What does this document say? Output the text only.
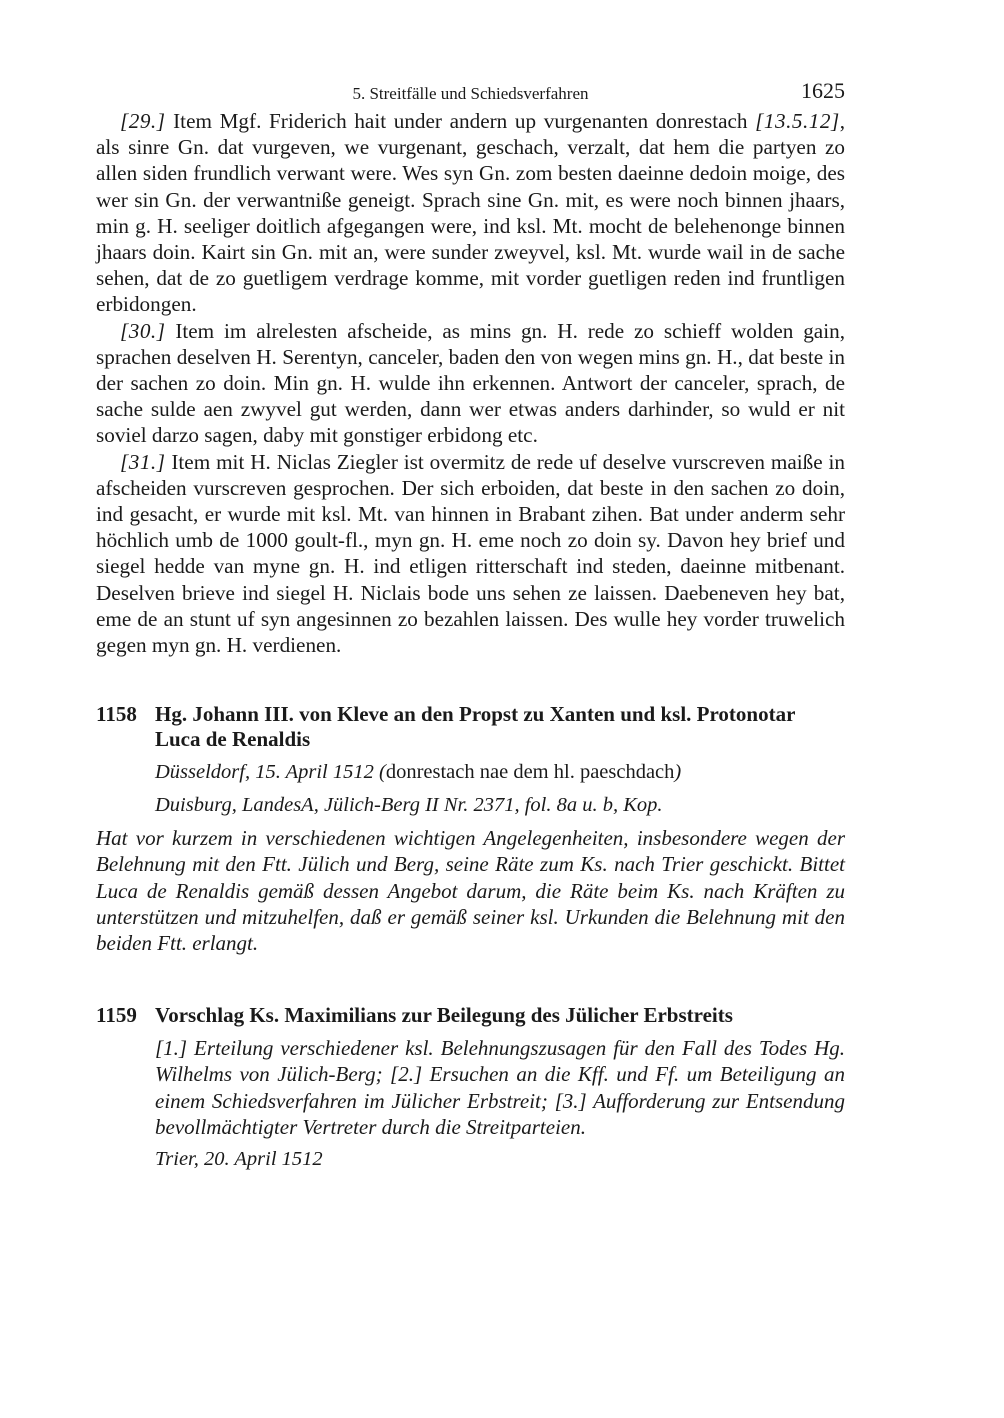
5. Streitfälle und Schiedsverfahren	1625

[29.] Item Mgf. Friderich hait under andern up vurgenanten donrestach [13.5.12], als sinre Gn. dat vurgeven, we vurgenant, geschach, verzalt, dat hem die partyen zo allen siden frundlich verwant were. Wes syn Gn. zom besten daeinne dedoin moige, des wer sin Gn. der verwantniße geneigt. Sprach sine Gn. mit, es were noch binnen jhaars, min g. H. seeliger doitlich afgegangen were, ind ksl. Mt. mocht de belehenonge binnen jhaars doin. Kairt sin Gn. mit an, were sunder zweyvel, ksl. Mt. wurde wail in de sache sehen, dat de zo guetligem verdrage komme, mit vorder guetligen reden ind fruntligen erbidongen.

[30.] Item im alrelesten afscheide, as mins gn. H. rede zo schieff wolden gain, sprachen deselven H. Serentyn, canceler, baden den von wegen mins gn. H., dat beste in der sachen zo doin. Min gn. H. wulde ihn erkennen. Antwort der canceler, sprach, de sache sulde aen zwyvel gut werden, dann wer etwas anders darhinder, so wuld er nit soviel darzo sagen, daby mit gonstiger erbidong etc.

[31.] Item mit H. Niclas Ziegler ist overmitz de rede uf deselve vurscreven maiße in afscheiden vurscreven gesprochen. Der sich erboiden, dat beste in den sachen zo doin, ind gesacht, er wurde mit ksl. Mt. van hinnen in Brabant zihen. Bat under anderm sehr höchlich umb de 1000 goult-fl., myn gn. H. eme noch zo doin sy. Davon hey brief und siegel hedde van myne gn. H. ind etligen ritterschaft ind steden, daeinne mitbenant. Deselven brieve ind siegel H. Niclais bode uns sehen ze laissen. Daebeneven hey bat, eme de an stunt uf syn angesinnen zo bezahlen laissen. Des wulle hey vorder truwelich gegen myn gn. H. verdienen.

1158 Hg. Johann III. von Kleve an den Propst zu Xanten und ksl. Protonotar Luca de Renaldis

Düsseldorf, 15. April 1512 (donrestach nae dem hl. paeschdach)

Duisburg, LandesA, Jülich-Berg II Nr. 2371, fol. 8a u. b, Kop.

Hat vor kurzem in verschiedenen wichtigen Angelegenheiten, insbesondere wegen der Belehnung mit den Ftt. Jülich und Berg, seine Räte zum Ks. nach Trier geschickt. Bittet Luca de Renaldis gemäß dessen Angebot darum, die Räte beim Ks. nach Kräften zu unterstützen und mitzuhelfen, daß er gemäß seiner ksl. Urkunden die Belehnung mit den beiden Ftt. erlangt.

1159 Vorschlag Ks. Maximilians zur Beilegung des Jülicher Erbstreits

[1.] Erteilung verschiedener ksl. Belehnungszusagen für den Fall des Todes Hg. Wilhelms von Jülich-Berg; [2.] Ersuchen an die Kff. und Ff. um Beteiligung an einem Schiedsverfahren im Jülicher Erbstreit; [3.] Aufforderung zur Entsendung bevollmächtigter Vertreter durch die Streitparteien.

Trier, 20. April 1512
